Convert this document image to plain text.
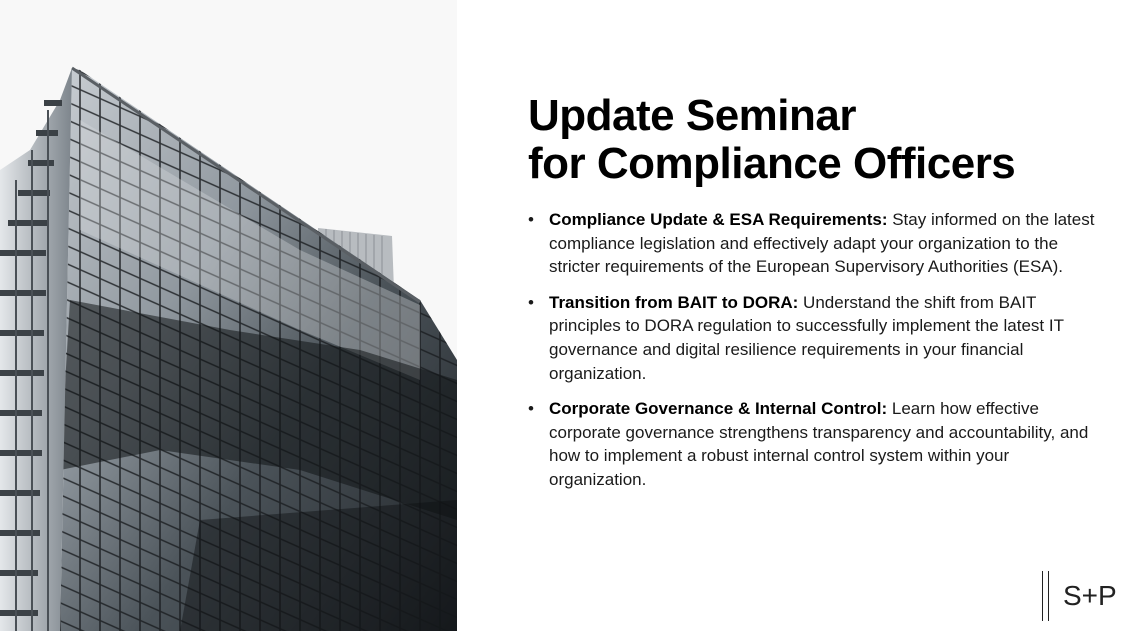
Update Seminar
for Compliance Officers
• Compliance Update & ESA Requirements: Stay informed on the latest compliance legislation and effectively adapt your organization to the stricter requirements of the European Supervisory Authorities (ESA).
• Transition from BAIT to DORA: Understand the shift from BAIT principles to DORA regulation to successfully implement the latest IT governance and digital resilience requirements in your financial organization.
• Corporate Governance & Internal Control: Learn how effective corporate governance strengthens transparency and accountability, and how to implement a robust internal control system within your organization.
S+P
